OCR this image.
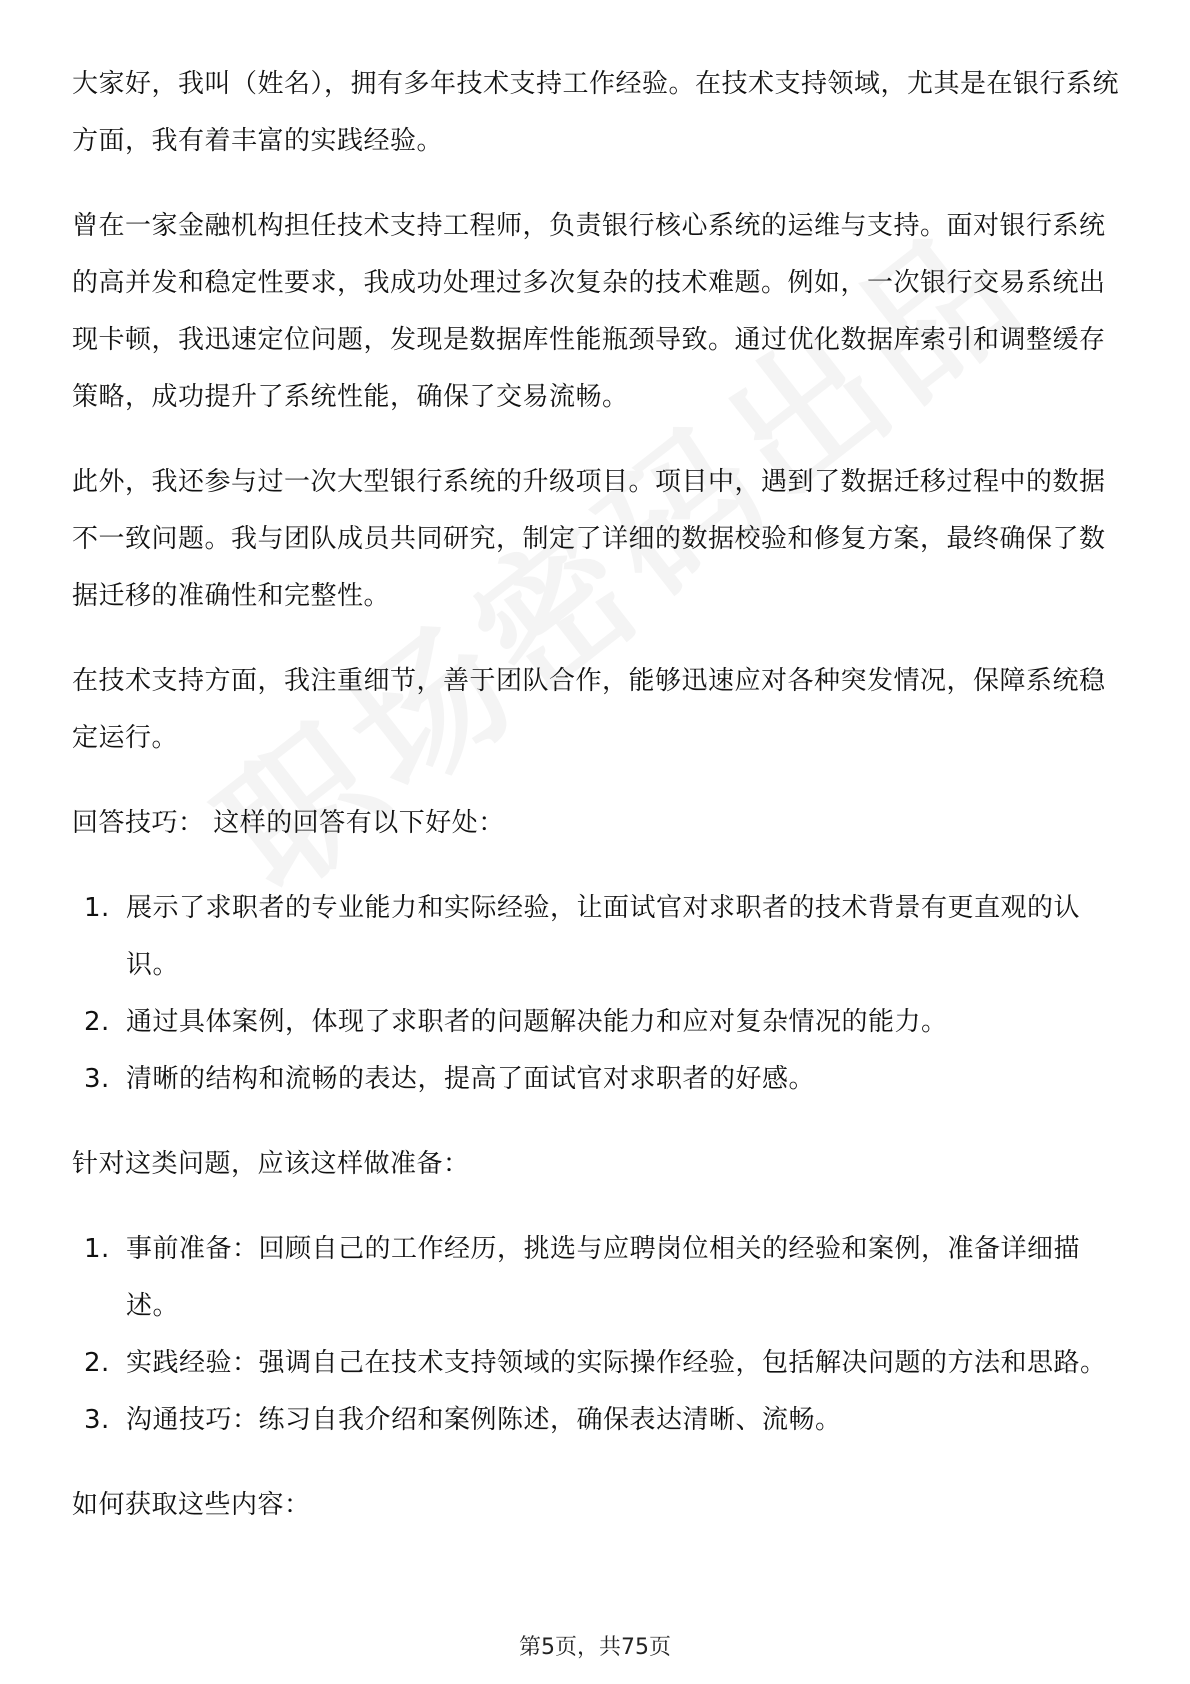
大家好，我叫（姓名），拥有多年技术支持工作经验。在技术支持领域，尤其是在银行系统方面，我有着丰富的实践经验。

曾在一家金融机构担任技术支持工程师，负责银行核心系统的运维与支持。面对银行系统的高并发和稳定性要求，我成功处理过多次复杂的技术难题。例如，一次银行交易系统出现卡顿，我迅速定位问题，发现是数据库性能瓶颈导致。通过优化数据库索引和调整缓存策略，成功提升了系统性能，确保了交易流畅。

此外，我还参与过一次大型银行系统的升级项目。项目中，遇到了数据迁移过程中的数据不一致问题。我与团队成员共同研究，制定了详细的数据校验和修复方案，最终确保了数据迁移的准确性和完整性。

在技术支持方面，我注重细节，善于团队合作，能够迅速应对各种突发情况，保障系统稳定运行。

回答技巧： 这样的回答有以下好处：

1. 展示了求职者的专业能力和实际经验，让面试官对求职者的技术背景有更直观的认识。
2. 通过具体案例，体现了求职者的问题解决能力和应对复杂情况的能力。
3. 清晰的结构和流畅的表达，提高了面试官对求职者的好感。

针对这类问题，应该这样做准备：

1. 事前准备：回顾自己的工作经历，挑选与应聘岗位相关的经验和案例，准备详细描述。
2. 实践经验：强调自己在技术支持领域的实际操作经验，包括解决问题的方法和思路。
3. 沟通技巧：练习自我介绍和案例陈述，确保表达清晰、流畅。

如何获取这些内容：

第5页，共75页
